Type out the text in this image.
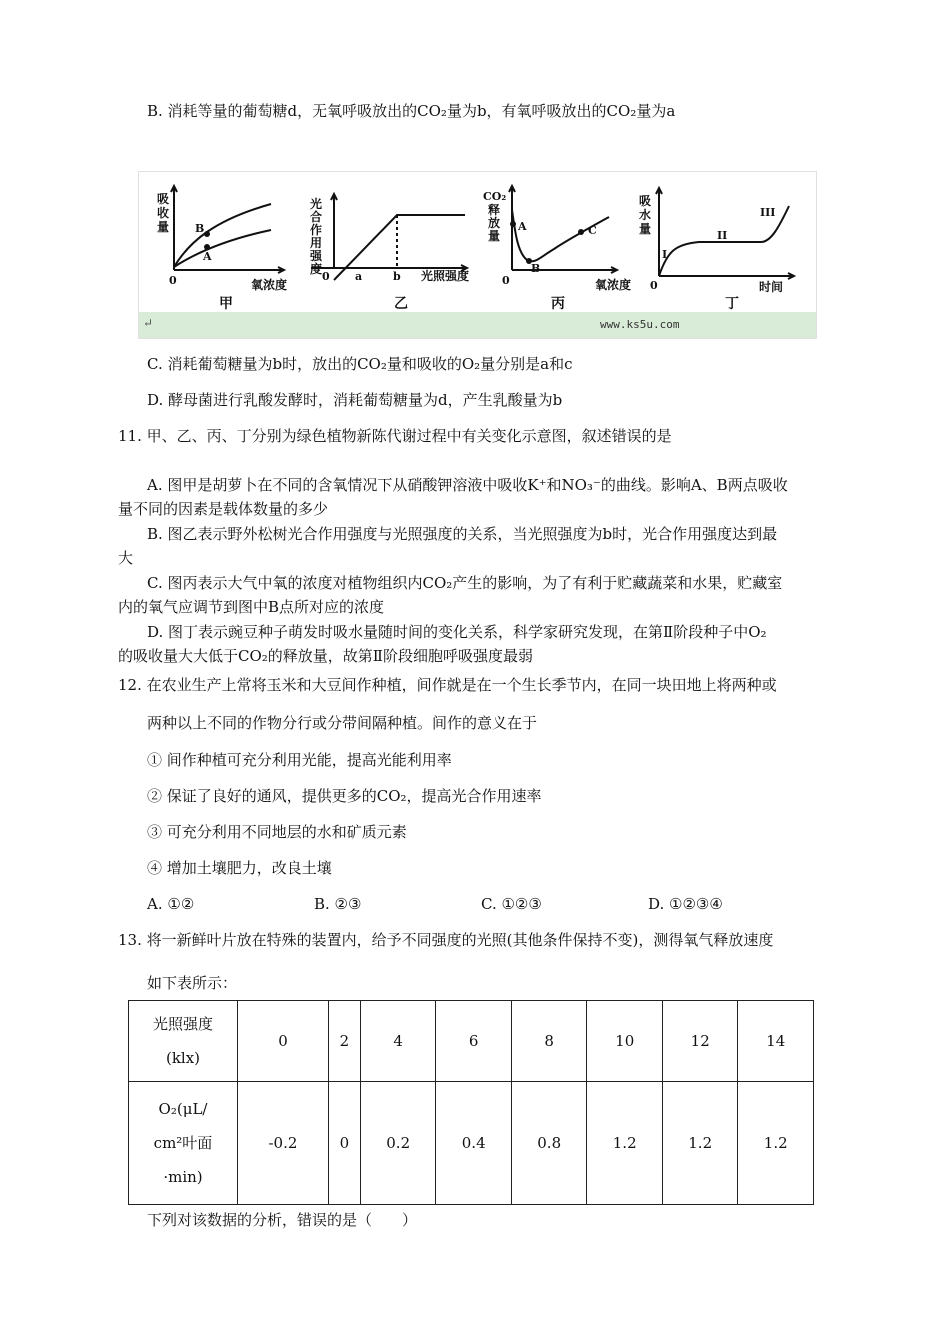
B. 消耗等量的葡萄糖d，无氧呼吸放出的CO₂量为b，有氧呼吸放出的CO₂量为a
B
A
0
吸
收
量
氧浓度
甲
光
合
作
用
强
度
0 a	b 光照强度
乙
A
B
C
CO₂
释
放
量
0	氧浓度
丙
I
II
III
吸
水
量
0	时间
丁
↵	www.ks5u.com
C. 消耗葡萄糖量为b时，放出的CO₂量和吸收的O₂量分别是a和c
D. 酵母菌进行乳酸发酵时，消耗葡萄糖量为d，产生乳酸量为b
11. 甲、乙、丙、丁分别为绿色植物新陈代谢过程中有关变化示意图，叙述错误的是
A. 图甲是胡萝卜在不同的含氧情况下从硝酸钾溶液中吸收K⁺和NO₃⁻的曲线。影响A、B两点吸收
量不同的因素是载体数量的多少
B. 图乙表示野外松树光合作用强度与光照强度的关系，当光照强度为b时，光合作用强度达到最
大
C. 图丙表示大气中氧的浓度对植物组织内CO₂产生的影响，为了有利于贮藏蔬菜和水果，贮藏室
内的氧气应调节到图中B点所对应的浓度
D. 图丁表示豌豆种子萌发时吸水量随时间的变化关系，科学家研究发现，在第Ⅱ阶段种子中O₂
的吸收量大大低于CO₂的释放量，故第Ⅱ阶段细胞呼吸强度最弱
12. 在农业生产上常将玉米和大豆间作种植，间作就是在一个生长季节内，在同一块田地上将两种或
两种以上不同的作物分行或分带间隔种植。间作的意义在于
① 间作种植可充分利用光能，提高光能利用率
② 保证了良好的通风，提供更多的CO₂，提高光合作用速率
③ 可充分利用不同地层的水和矿质元素
④ 增加土壤肥力，改良土壤
A. ①②	B. ②③	C. ①②③	D. ①②③④
13. 将一新鲜叶片放在特殊的装置内，给予不同强度的光照(其他条件保持不变)，测得氧气释放速度
如下表所示：
光照强度
(klx)	0	2	4	6	8	10	12	14

O₂(μL/
cm²叶面
·min)	-0.2	0	0.2	0.4	0.8	1.2	1.2	1.2
下列对该数据的分析，错误的是（　　）
